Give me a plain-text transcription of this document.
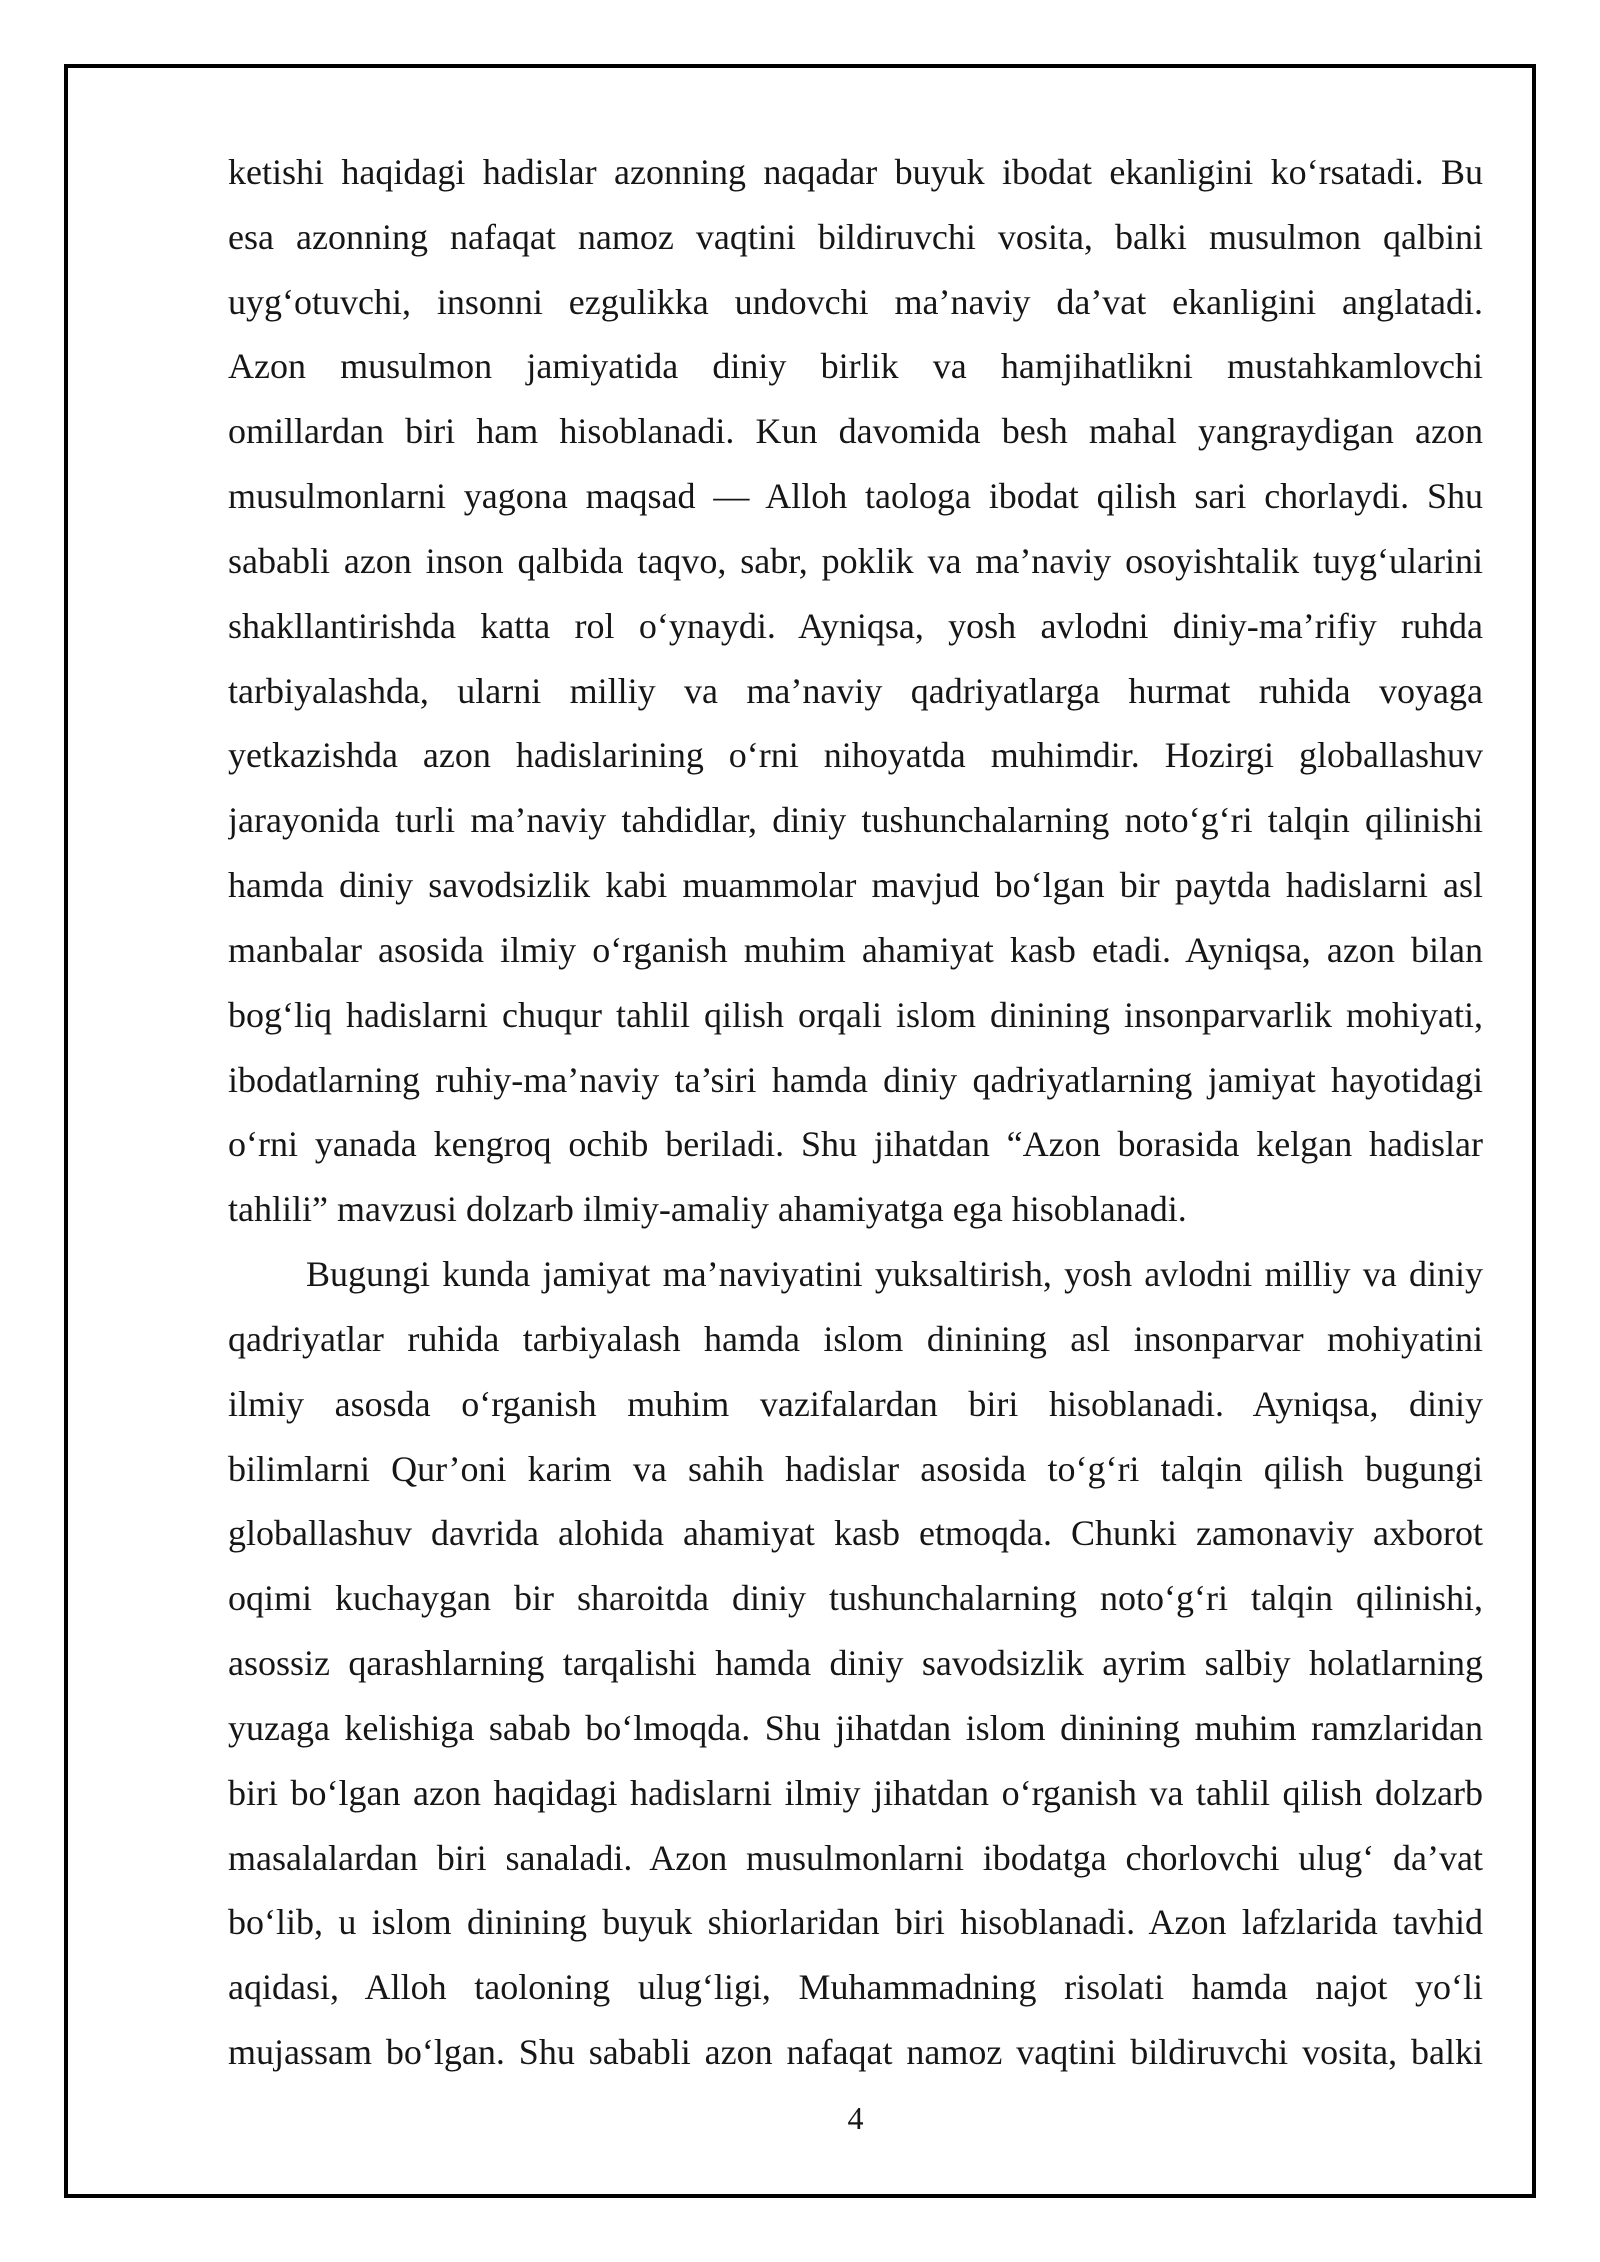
ketishi haqidagi hadislar azonning naqadar buyuk ibodat ekanligini ko‘rsatadi. Bu
esa azonning nafaqat namoz vaqtini bildiruvchi vosita, balki musulmon qalbini
uyg‘otuvchi, insonni ezgulikka undovchi ma’naviy da’vat ekanligini anglatadi.
Azon musulmon jamiyatida diniy birlik va hamjihatlikni mustahkamlovchi
omillardan biri ham hisoblanadi. Kun davomida besh mahal yangraydigan azon
musulmonlarni yagona maqsad — Alloh taologa ibodat qilish sari chorlaydi. Shu
sababli azon inson qalbida taqvo, sabr, poklik va ma’naviy osoyishtalik tuyg‘ularini
shakllantirishda katta rol o‘ynaydi. Ayniqsa, yosh avlodni diniy-ma’rifiy ruhda
tarbiyalashda, ularni milliy va ma’naviy qadriyatlarga hurmat ruhida voyaga
yetkazishda azon hadislarining o‘rni nihoyatda muhimdir. Hozirgi globallashuv
jarayonida turli ma’naviy tahdidlar, diniy tushunchalarning noto‘g‘ri talqin qilinishi
hamda diniy savodsizlik kabi muammolar mavjud bo‘lgan bir paytda hadislarni asl
manbalar asosida ilmiy o‘rganish muhim ahamiyat kasb etadi. Ayniqsa, azon bilan
bog‘liq hadislarni chuqur tahlil qilish orqali islom dinining insonparvarlik mohiyati,
ibodatlarning ruhiy-ma’naviy ta’siri hamda diniy qadriyatlarning jamiyat hayotidagi
o‘rni yanada kengroq ochib beriladi. Shu jihatdan “Azon borasida kelgan hadislar
tahlili” mavzusi dolzarb ilmiy-amaliy ahamiyatga ega hisoblanadi.
Bugungi kunda jamiyat ma’naviyatini yuksaltirish, yosh avlodni milliy va diniy
qadriyatlar ruhida tarbiyalash hamda islom dinining asl insonparvar mohiyatini
ilmiy asosda o‘rganish muhim vazifalardan biri hisoblanadi. Ayniqsa, diniy
bilimlarni Qur’oni karim va sahih hadislar asosida to‘g‘ri talqin qilish bugungi
globallashuv davrida alohida ahamiyat kasb etmoqda. Chunki zamonaviy axborot
oqimi kuchaygan bir sharoitda diniy tushunchalarning noto‘g‘ri talqin qilinishi,
asossiz qarashlarning tarqalishi hamda diniy savodsizlik ayrim salbiy holatlarning
yuzaga kelishiga sabab bo‘lmoqda. Shu jihatdan islom dinining muhim ramzlaridan
biri bo‘lgan azon haqidagi hadislarni ilmiy jihatdan o‘rganish va tahlil qilish dolzarb
masalalardan biri sanaladi. Azon musulmonlarni ibodatga chorlovchi ulug‘ da’vat
bo‘lib, u islom dinining buyuk shiorlaridan biri hisoblanadi. Azon lafzlarida tavhid
aqidasi, Alloh taoloning ulug‘ligi, Muhammadning risolati hamda najot yo‘li
mujassam bo‘lgan. Shu sababli azon nafaqat namoz vaqtini bildiruvchi vosita, balki
4
